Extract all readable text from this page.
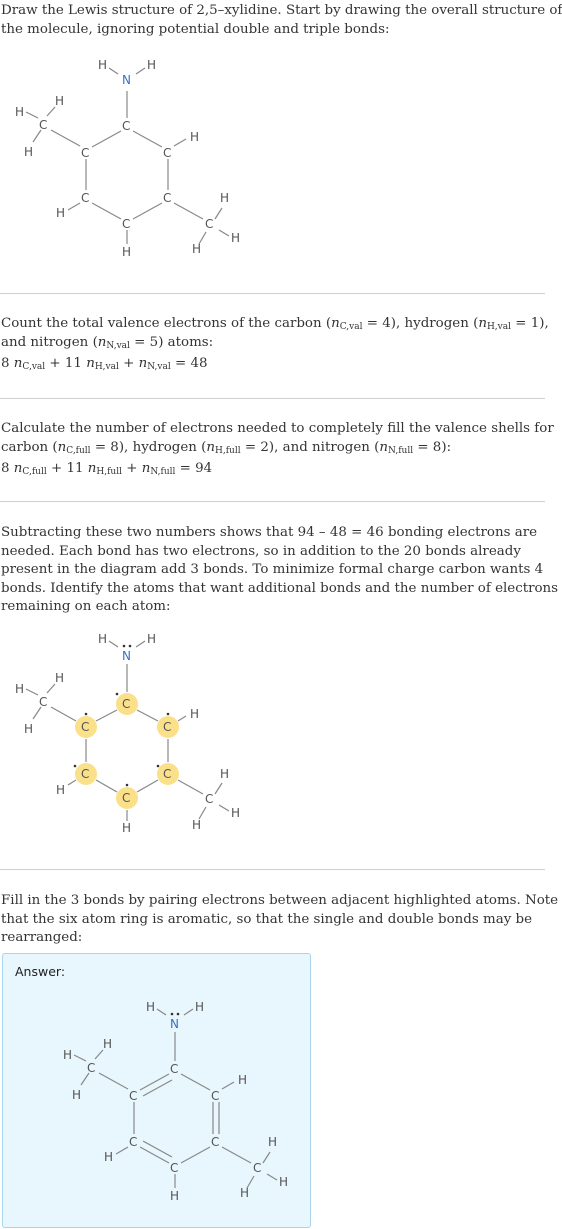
Draw the Lewis structure of 2,5–xylidine. Start by drawing the overall structure of
the molecule, ignoring potential double and triple bonds:
H	H
N
C
C	C
C	C
C
C
C
H
H
H
H
H
H
H
H
H
Count the total valence electrons of the carbon $(n_{C,val} = 4)$, hydrogen $(n_{H,val} = 1)$,
and nitrogen $(n_{N,val} = 5)$ atoms:
8 $n_{C,val} + 11$ $n_{H,val} + n_{N,val} = 48$
Calculate the number of electrons needed to completely fill the valence shells for
carbon $(n_{C,full} = 8)$, hydrogen $(n_{H,full} = 2)$, and nitrogen $(n_{N,full} = 8)$:
8 $n_{C,full} + 11$ $n_{H,full} + n_{N,full} = 94$
Subtracting these two numbers shows that 94 – 48 = 46 bonding electrons are
needed. Each bond has two electrons, so in addition to the 20 bonds already
present in the diagram add 3 bonds. To minimize formal charge carbon wants 4
bonds. Identify the atoms that want additional bonds and the number of electrons
remaining on each atom:
H	H
N
C
C	C
C	C
C
C
C
H
H
H
H
H
H
H
H
H
Fill in the 3 bonds by pairing electrons between adjacent highlighted atoms. Note
that the six atom ring is aromatic, so that the single and double bonds may be
rearranged:
Answer:
H	H
N
C
C	C
C	C
C
C
C
H
H
H
H
H
H
H
H
H
